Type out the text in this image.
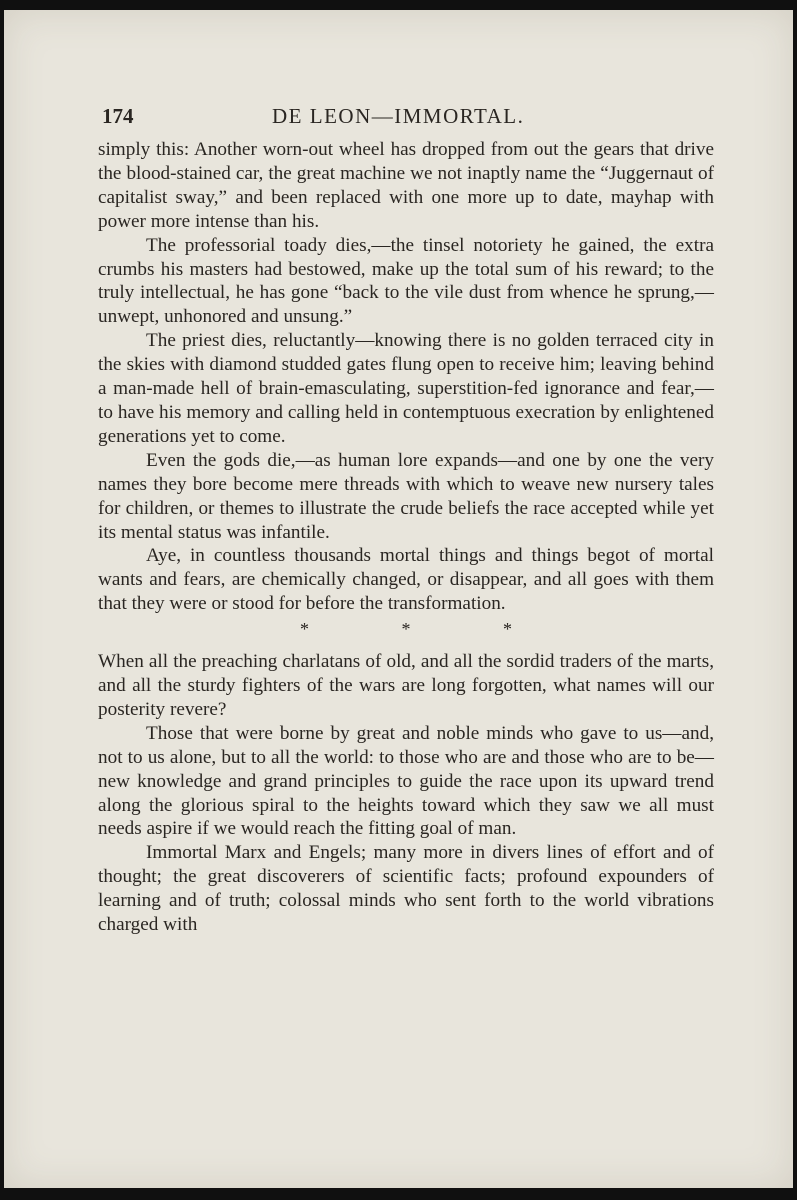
174	DE LEON—IMMORTAL.

simply this: Another worn-out wheel has dropped from out the gears that drive the blood-stained car, the great machine we not inaptly name the “Juggernaut of capitalist sway,” and been replaced with one more up to date, mayhap with power more intense than his.

The professorial toady dies,—the tinsel notoriety he gained, the extra crumbs his masters had bestowed, make up the total sum of his reward; to the truly intellectual, he has gone “back to the vile dust from whence he sprung,—unwept, unhonored and unsung.”

The priest dies, reluctantly—knowing there is no golden terraced city in the skies with diamond studded gates flung open to receive him; leaving behind a man-made hell of brain-emasculating, superstition-fed ignorance and fear,—to have his memory and calling held in contemptuous execration by enlightened generations yet to come.

Even the gods die,—as human lore expands—and one by one the very names they bore become mere threads with which to weave new nursery tales for children, or themes to illustrate the crude beliefs the race accepted while yet its mental status was infantile.

Aye, in countless thousands mortal things and things begot of mortal wants and fears, are chemically changed, or disappear, and all goes with them that they were or stood for before the transformation.

* * *

When all the preaching charlatans of old, and all the sordid traders of the marts, and all the sturdy fighters of the wars are long forgotten, what names will our posterity revere?

Those that were borne by great and noble minds who gave to us—and, not to us alone, but to all the world: to those who are and those who are to be—new knowledge and grand principles to guide the race upon its upward trend along the glorious spiral to the heights toward which they saw we all must needs aspire if we would reach the fitting goal of man.

Immortal Marx and Engels; many more in divers lines of effort and of thought; the great discoverers of scientific facts; profound expounders of learning and of truth; colossal minds who sent forth to the world vibrations charged with
